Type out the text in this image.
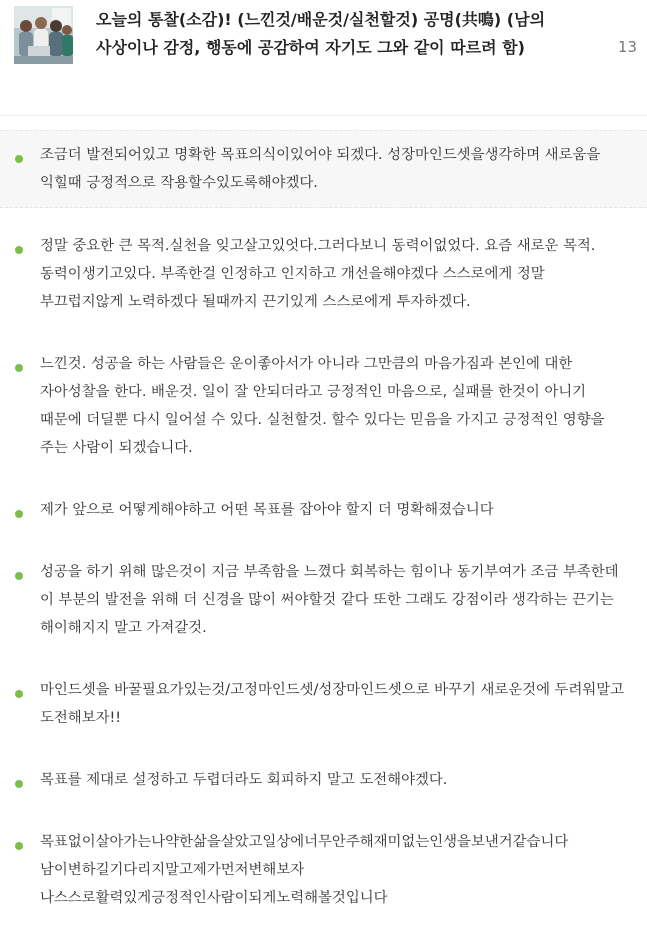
오늘의 통찰(소감)! (느낀것/배운것/실천할것) 공명(共鳴) (남의 사상이나 감정, 행동에 공감하여 자기도 그와 같이 따르려 함)	13
조금더 발전되어있고 명확한 목표의식이있어야 되겠다. 성장마인드셋을생각하며 새로움을 익힐때 긍정적으로 작용할수있도록해야겠다.
정말 중요한 큰 목적.실천을 잊고살고있엇다.그러다보니 동력이없었다. 요즘 새로운 목적. 동력이생기고있다. 부족한걸 인정하고 인지하고 개선을해야겠다 스스로에게 정말 부끄럽지않게 노력하겠다 될때까지 끈기있게 스스로에게 투자하겠다.
느낀것. 성공을 하는 사람들은 운이좋아서가 아니라 그만큼의 마음가짐과 본인에 대한 자아성찰을 한다. 배운것. 일이 잘 안되더라고 긍정적인 마음으로, 실패를 한것이 아니기 때문에 더딜뿐 다시 일어설 수 있다. 실천할것. 할수 있다는 믿음을 가지고 긍정적인 영향을 주는 사람이 되겠습니다.
제가 앞으로 어떻게해야하고 어떤 목표를 잡아야 할지 더 명확해졌습니다
성공을 하기 위해 많은것이 지금 부족함을 느꼈다 회복하는 힘이나 동기부여가 조금 부족한데 이 부분의 발전을 위해 더 신경을 많이 써야할것 같다 또한 그래도 강점이라 생각하는 끈기는 해이해지지 말고 가져갈것.
마인드셋을 바꿀필요가있는것/고정마인드셋/성장마인드셋으로 바꾸기 새로운것에 두려워말고 도전해보자!!
목표를 제대로 설정하고 두렵더라도 회피하지 말고 도전해야겠다.
목표없이살아가는나약한삶을살았고일상에너무안주해재미없는인생을보낸거같습니다 남이변하길기다리지말고제가먼저변해보자 나스스로활력있게긍정적인사람이되게노력해볼것입니다
